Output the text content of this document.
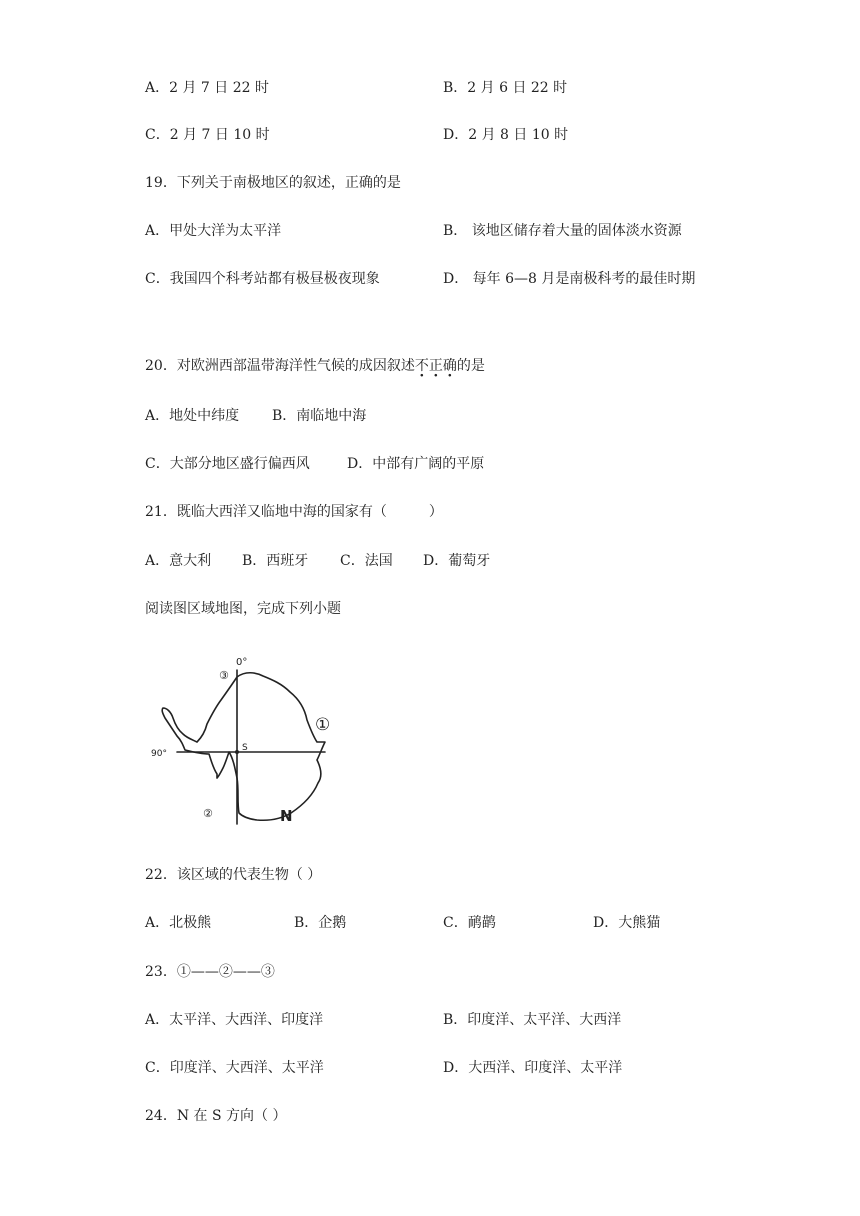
A．2 月 7 日 22 时	B．2 月 6 日 22 时
C．2 月 7 日 10 时	D．2 月 8 日 10 时
19．下列关于南极地区的叙述，正确的是
A．甲处大洋为太平洋	B． 该地区储存着大量的固体淡水资源
C．我国四个科考站都有极昼极夜现象	D． 每年 6—8 月是南极科考的最佳时期
20．对欧洲西部温带海洋性气候的成因叙述不正确的是
A．地处中纬度 B．南临地中海
C．大部分地区盛行偏西风	D．中部有广阔的平原
21．既临大西洋又临地中海的国家有（　　　）
A．意大利 B．西班牙 C．法国 D．葡萄牙
阅读图区域地图，完成下列小题
0°
90°
S
N
①
②
③
22．该区域的代表生物（ ）
A．北极熊	B．企鹅	C．鸸鹋	D．大熊猫
23．①——②——③
A．太平洋、大西洋、印度洋	B．印度洋、太平洋、大西洋
C．印度洋、大西洋、太平洋	D．大西洋、印度洋、太平洋
24．N 在 S 方向（ ）
